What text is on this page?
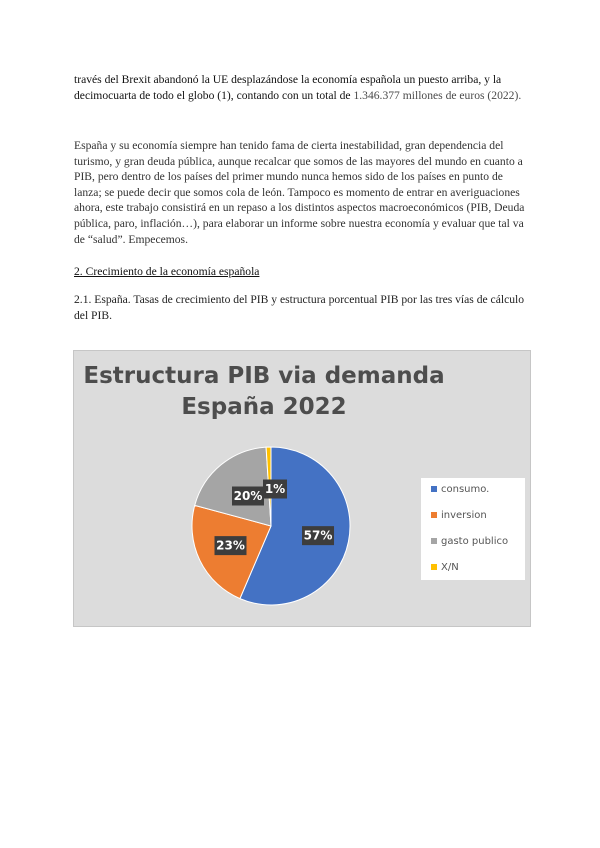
través del Brexit abandonó la UE desplazándose la economía española un puesto arriba, y la decimocuarta de todo el globo (1), contando con un total de 1.346.377 millones de euros (2022).

España y su economía siempre han tenido fama de cierta inestabilidad, gran dependencia del turismo, y gran deuda pública, aunque recalcar que somos de las mayores del mundo en cuanto a PIB, pero dentro de los países del primer mundo nunca hemos sido de los países en punto de lanza; se puede decir que somos cola de león. Tampoco es momento de entrar en averiguaciones ahora, este trabajo consistirá en un repaso a los distintos aspectos macroeconómicos (PIB, Deuda pública, paro, inflación…), para elaborar un informe sobre nuestra economía y evaluar que tal va de “salud”. Empecemos.

2. Crecimiento de la economía española

2.1. España. Tasas de crecimiento del PIB y estructura porcentual PIB por las tres vías de cálculo del PIB.

Estructura PIB via demanda
España 2022
57%
23%
20% 1%	consumo.
inversion
gasto publico
X/N
